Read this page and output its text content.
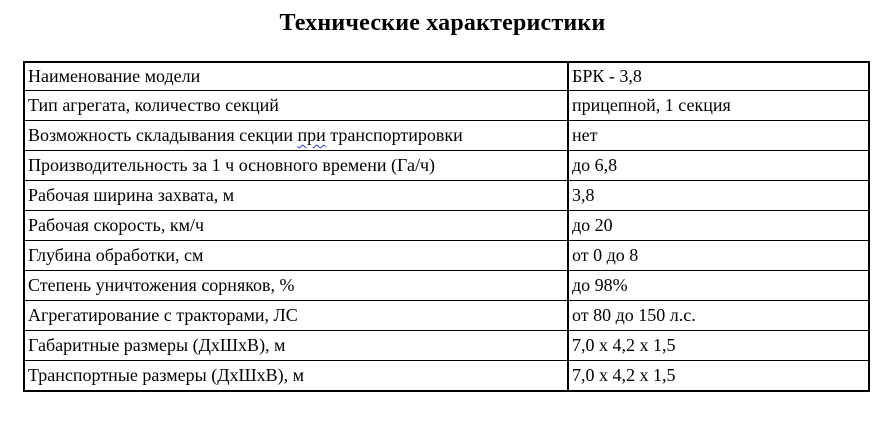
Технические характеристики
Наименование модели	БРК - 3,8
Тип агрегата, количество секций	прицепной, 1 секция
Возможность складывания секции при транспортировки	нет
Производительность за 1 ч основного времени (Га/ч)	до 6,8
Рабочая ширина захвата, м	3,8
Рабочая скорость, км/ч	до 20
Глубина обработки, см	от 0 до 8
Степень уничтожения сорняков, %	до 98%
Агрегатирование с тракторами, ЛС	от 80 до 150 л.с.
Габаритные размеры (ДхШхВ), м	7,0 х 4,2 х 1,5
Транспортные размеры (ДхШхВ), м	7,0 х 4,2 х 1,5
